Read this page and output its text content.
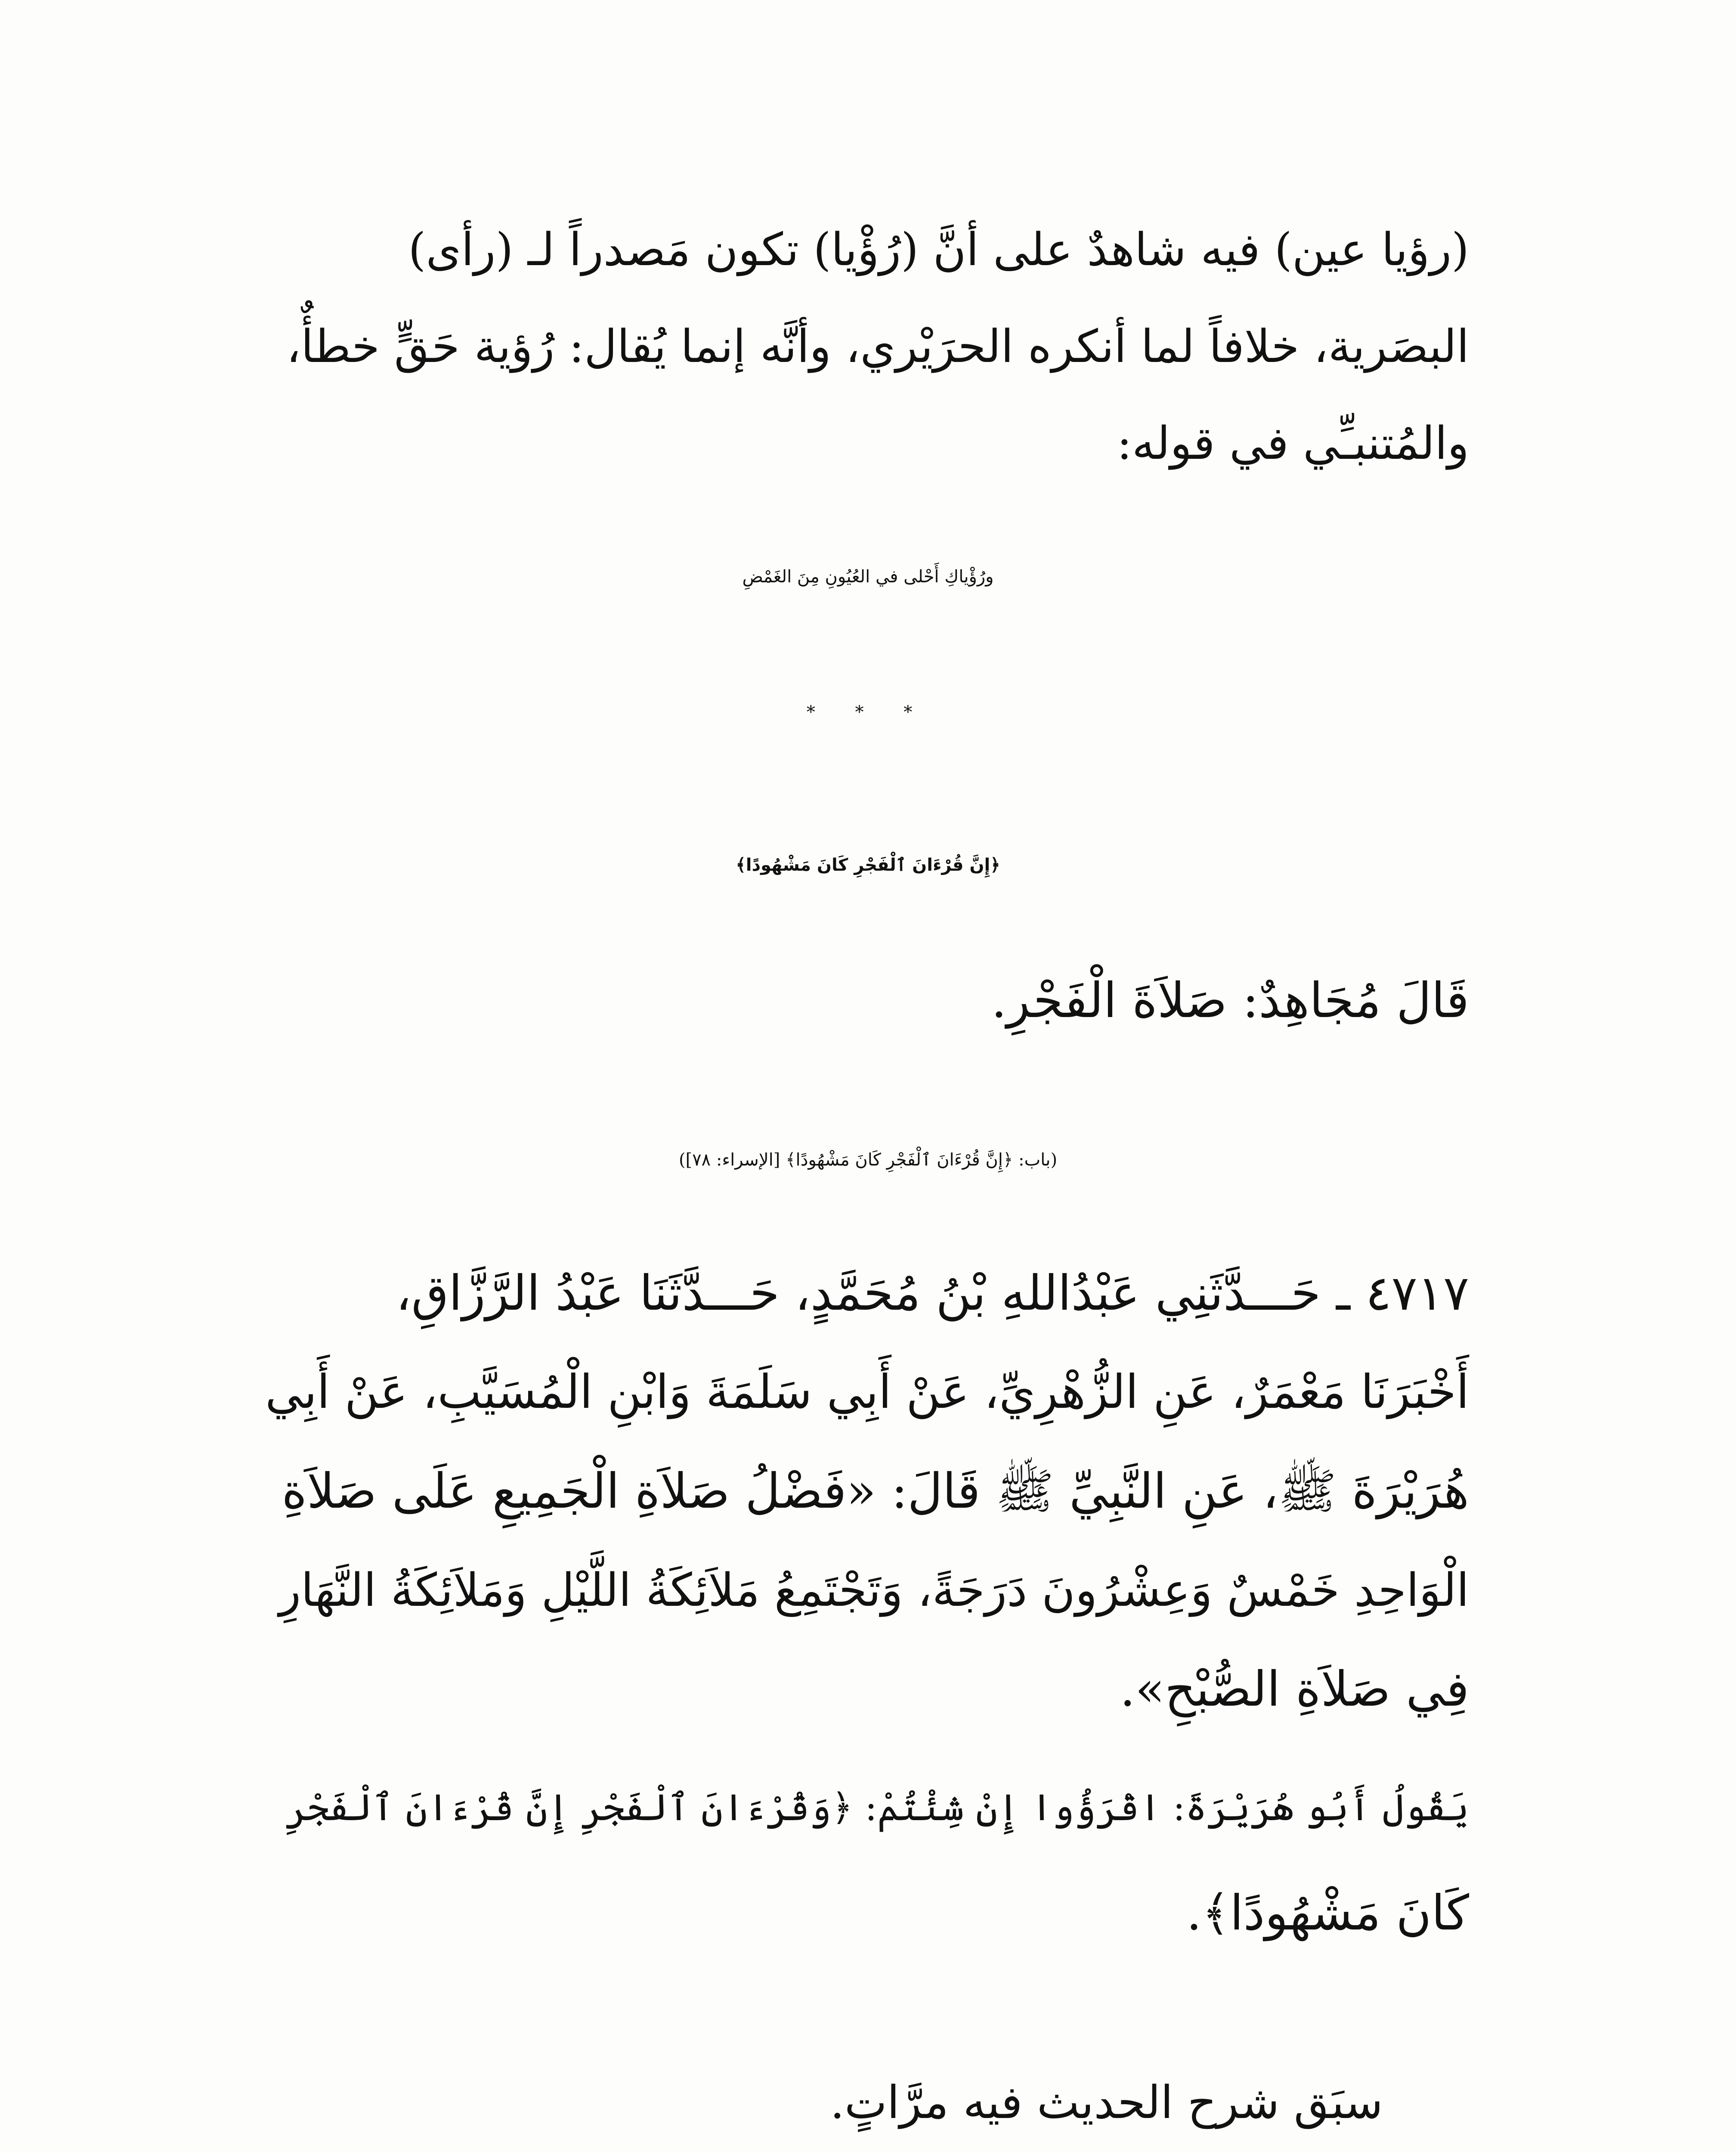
(رؤيا عين) فيه شاهدٌ على أنَّ (رُؤْيا) تكون مَصدراً لـ (رأى)
البصَرية، خلافاً لما أنكره الحرَيْري، وأنَّه إنما يُقال: رُؤية حَقٍّ خطأٌ،
والمُتنبـِّي في قوله:
ورُؤْياكِ أَحْلى في العُيُونِ مِنَ الغَمْضِ
* * *
﴿إِنَّ قُرْءَانَ ٱلْفَجْرِ كَانَ مَشْهُودًا﴾
قَالَ مُجَاهِدٌ: صَلاَةَ الْفَجْرِ.
(باب: ﴿إِنَّ قُرْءَانَ ٱلْفَجْرِ كَانَ مَشْهُودًا﴾ [الإسراء: ٧٨])
٤٧١٧ ـ حَـــدَّثَنِي عَبْدُاللهِ بْنُ مُحَمَّدٍ، حَـــدَّثَنَا عَبْدُ الرَّزَّاقِ،
أَخْبَرَنَا مَعْمَرٌ، عَنِ الزُّهْرِيِّ، عَنْ أَبِي سَلَمَةَ وَابْنِ الْمُسَيَّبِ، عَنْ أَبِي
هُرَيْرَةَ ﷺ، عَنِ النَّبِيِّ ﷺ قَالَ: «فَضْلُ صَلاَةِ الْجَمِيعِ عَلَى صَلاَةِ
الْوَاحِدِ خَمْسٌ وَعِشْرُونَ دَرَجَةً، وَتَجْتَمِعُ مَلاَئِكَةُ اللَّيْلِ وَمَلاَئِكَةُ النَّهَارِ
فِي صَلاَةِ الصُّبْحِ».
يَقُولُ أَبُو هُرَيْرَةَ: اقْرَؤُوا إِنْ شِئْتُمْ: ﴿وَقُرْءَانَ ٱلْفَجْرِ إِنَّ قُرْءَانَ ٱلْفَجْرِ
كَانَ مَشْهُودًا﴾.
سبَق شرح الحديث فيه مرَّاتٍ.
